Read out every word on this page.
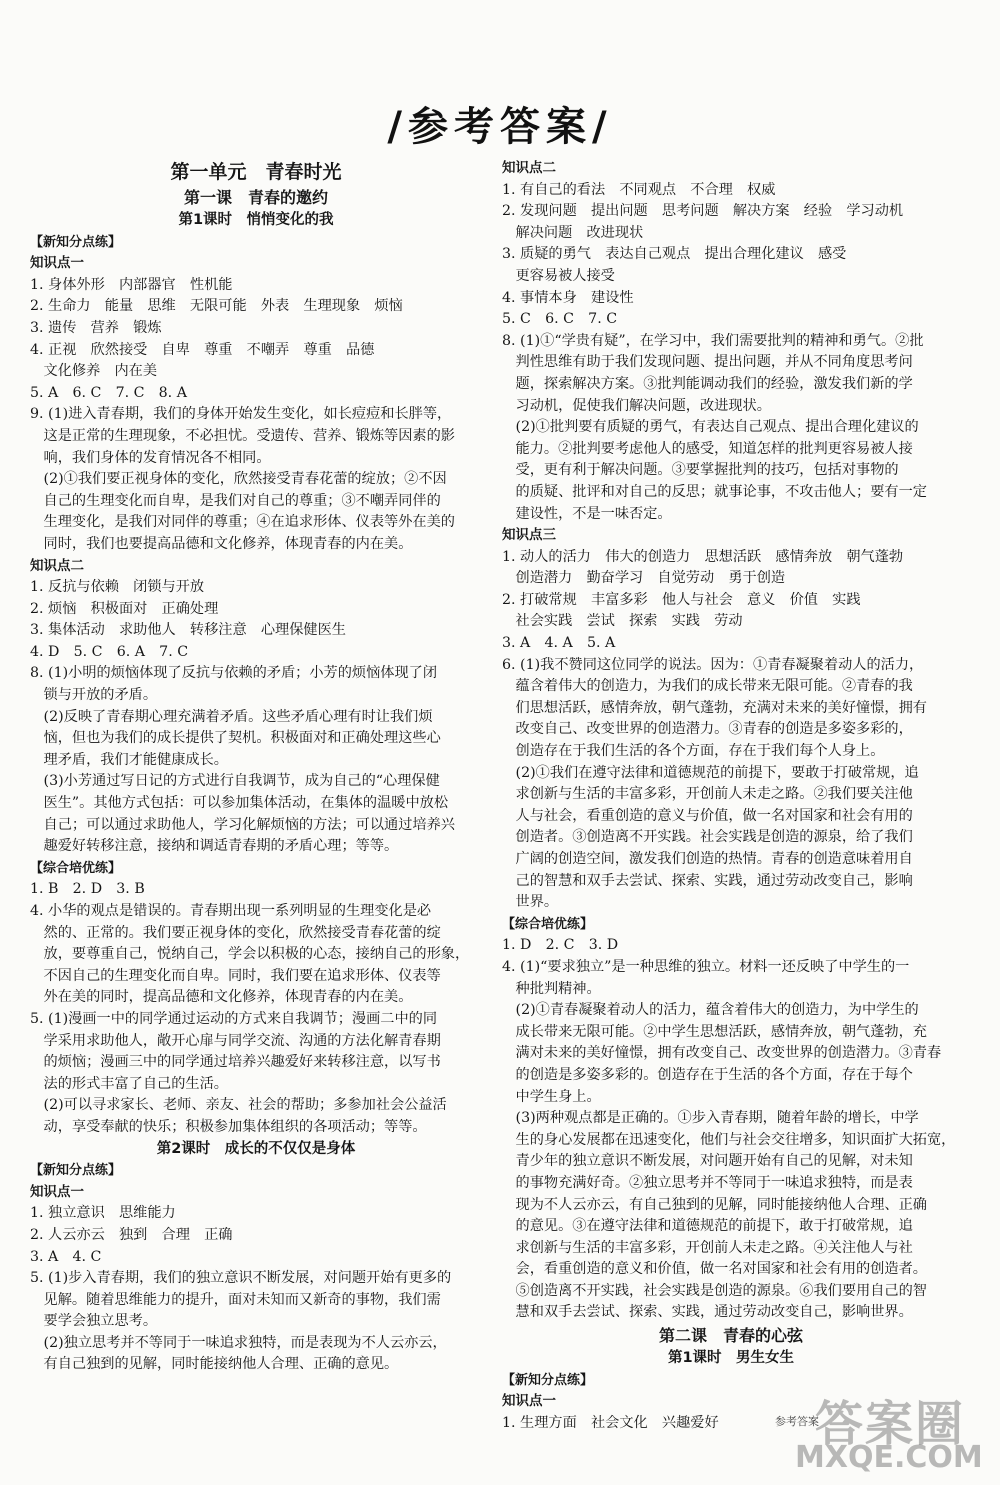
/参考答案/
第一单元　青春时光
第一课　青春的邀约
第1课时　悄悄变化的我
【新知分点练】
知识点一
1. 身体外形　内部器官　性机能
2. 生命力　能量　思维　无限可能　外表　生理现象　烦恼
3. 遗传　营养　锻炼
4. 正视　欣然接受　自卑　尊重　不嘲弄　尊重　品德
文化修养　内在美
5. A　6. C　7. C　8. A
9. (1)进入青春期，我们的身体开始发生变化，如长痘痘和长胖等，
这是正常的生理现象，不必担忧。受遗传、营养、锻炼等因素的影
响，我们身体的发育情况各不相同。
(2)①我们要正视身体的变化，欣然接受青春花蕾的绽放；②不因
自己的生理变化而自卑，是我们对自己的尊重；③不嘲弄同伴的
生理变化，是我们对同伴的尊重；④在追求形体、仪表等外在美的
同时，我们也要提高品德和文化修养，体现青春的内在美。
知识点二
1. 反抗与依赖　闭锁与开放
2. 烦恼　积极面对　正确处理
3. 集体活动　求助他人　转移注意　心理保健医生
4. D　5. C　6. A　7. C
8. (1)小明的烦恼体现了反抗与依赖的矛盾；小芳的烦恼体现了闭
锁与开放的矛盾。
(2)反映了青春期心理充满着矛盾。这些矛盾心理有时让我们烦
恼，但也为我们的成长提供了契机。积极面对和正确处理这些心
理矛盾，我们才能健康成长。
(3)小芳通过写日记的方式进行自我调节，成为自己的“心理保健
医生”。其他方式包括：可以参加集体活动，在集体的温暖中放松
自己；可以通过求助他人，学习化解烦恼的方法；可以通过培养兴
趣爱好转移注意，接纳和调适青春期的矛盾心理；等等。
【综合培优练】
1. B　2. D　3. B
4. 小华的观点是错误的。青春期出现一系列明显的生理变化是必
然的、正常的。我们要正视身体的变化，欣然接受青春花蕾的绽
放，要尊重自己，悦纳自己，学会以积极的心态，接纳自己的形象，
不因自己的生理变化而自卑。同时，我们要在追求形体、仪表等
外在美的同时，提高品德和文化修养，体现青春的内在美。
5. (1)漫画一中的同学通过运动的方式来自我调节；漫画二中的同
学采用求助他人，敞开心扉与同学交流、沟通的方法化解青春期
的烦恼；漫画三中的同学通过培养兴趣爱好来转移注意，以写书
法的形式丰富了自己的生活。
(2)可以寻求家长、老师、亲友、社会的帮助；多参加社会公益活
动，享受奉献的快乐；积极参加集体组织的各项活动；等等。
第2课时　成长的不仅仅是身体
【新知分点练】
知识点一
1. 独立意识　思维能力
2. 人云亦云　独到　合理　正确
3. A　4. C
5. (1)步入青春期，我们的独立意识不断发展，对问题开始有更多的
见解。随着思维能力的提升，面对未知而又新奇的事物，我们需
要学会独立思考。
(2)独立思考并不等同于一味追求独特，而是表现为不人云亦云，
有自己独到的见解，同时能接纳他人合理、正确的意见。
知识点二
1. 有自己的看法　不同观点　不合理　权威
2. 发现问题　提出问题　思考问题　解决方案　经验　学习动机
解决问题　改进现状
3. 质疑的勇气　表达自己观点　提出合理化建议　感受
更容易被人接受
4. 事情本身　建设性
5. C　6. C　7. C
8. (1)①“学贵有疑”，在学习中，我们需要批判的精神和勇气。②批
判性思维有助于我们发现问题、提出问题，并从不同角度思考问
题，探索解决方案。③批判能调动我们的经验，激发我们新的学
习动机，促使我们解决问题，改进现状。
(2)①批判要有质疑的勇气，有表达自己观点、提出合理化建议的
能力。②批判要考虑他人的感受，知道怎样的批判更容易被人接
受，更有利于解决问题。③要掌握批判的技巧，包括对事物的
的质疑、批评和对自己的反思；就事论事，不攻击他人；要有一定
建设性，不是一味否定。
知识点三
1. 动人的活力　伟大的创造力　思想活跃　感情奔放　朝气蓬勃
创造潜力　勤奋学习　自觉劳动　勇于创造
2. 打破常规　丰富多彩　他人与社会　意义　价值　实践
社会实践　尝试　探索　实践　劳动
3. A　4. A　5. A
6. (1)我不赞同这位同学的说法。因为：①青春凝聚着动人的活力，
蕴含着伟大的创造力，为我们的成长带来无限可能。②青春的我
们思想活跃，感情奔放，朝气蓬勃，充满对未来的美好憧憬，拥有
改变自己、改变世界的创造潜力。③青春的创造是多姿多彩的，
创造存在于我们生活的各个方面，存在于我们每个人身上。
(2)①我们在遵守法律和道德规范的前提下，要敢于打破常规，追
求创新与生活的丰富多彩，开创前人未走之路。②我们要关注他
人与社会，看重创造的意义与价值，做一名对国家和社会有用的
创造者。③创造离不开实践。社会实践是创造的源泉，给了我们
广阔的创造空间，激发我们创造的热情。青春的创造意味着用自
己的智慧和双手去尝试、探索、实践，通过劳动改变自己，影响
世界。
【综合培优练】
1. D　2. C　3. D
4. (1)“要求独立”是一种思维的独立。材料一还反映了中学生的一
种批判精神。
(2)①青春凝聚着动人的活力，蕴含着伟大的创造力，为中学生的
成长带来无限可能。②中学生思想活跃，感情奔放，朝气蓬勃，充
满对未来的美好憧憬，拥有改变自己、改变世界的创造潜力。③青春
的创造是多姿多彩的。创造存在于生活的各个方面，存在于每个
中学生身上。
(3)两种观点都是正确的。①步入青春期，随着年龄的增长，中学
生的身心发展都在迅速变化，他们与社会交往增多，知识面扩大拓宽，
青少年的独立意识不断发展，对问题开始有自己的见解，对未知
的事物充满好奇。②独立思考并不等同于一味追求独特，而是表
现为不人云亦云，有自己独到的见解，同时能接纳他人合理、正确
的意见。③在遵守法律和道德规范的前提下，敢于打破常规，追
求创新与生活的丰富多彩，开创前人未走之路。④关注他人与社
会，看重创造的意义和价值，做一名对国家和社会有用的创造者。
⑤创造离不开实践，社会实践是创造的源泉。⑥我们要用自己的智
慧和双手去尝试、探索、实践，通过劳动改变自己，影响世界。
第二课　青春的心弦
第1课时　男生女生
【新知分点练】
知识点一
1. 生理方面　社会文化　兴趣爱好	参考答案
答案圈
MXQE.COM
